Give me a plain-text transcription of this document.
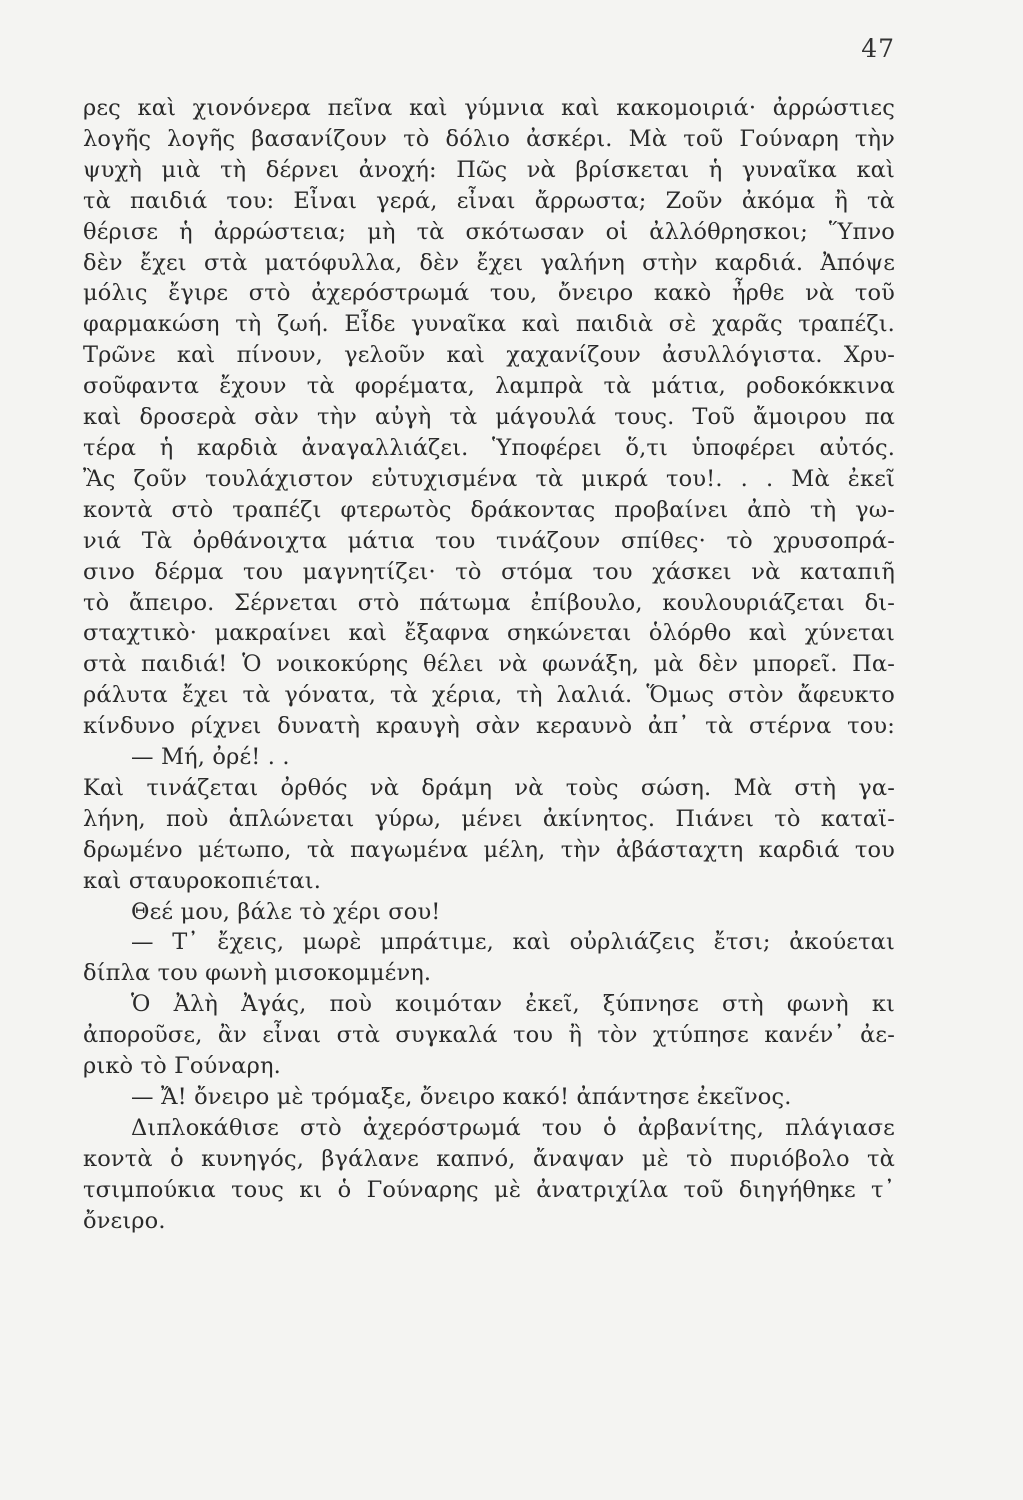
47
ρες καὶ χιονόνερα πεῖνα καὶ γύμνια καὶ κακομοιριά· ἀρρώστιες
λογῆς λογῆς βασανίζουν τὸ δόλιο ἀσκέρι. Μὰ τοῦ Γούναρη τὴν
ψυχὴ μιὰ τὴ δέρνει ἀνοχή: Πῶς νὰ βρίσκεται ἡ γυναῖκα καὶ
τὰ παιδιά του: Εἶναι γερά, εἶναι ἄρρωστα; Ζοῦν ἀκόμα ἢ τὰ
θέρισε ἡ ἀρρώστεια; μὴ τὰ σκότωσαν οἱ ἀλλόθρησκοι; Ὕπνο
δὲν ἔχει στὰ ματόφυλλα, δὲν ἔχει γαλήνη στὴν καρδιά. Ἀπόψε
μόλις ἔγιρε στὸ ἀχερόστρωμά του, ὄνειρο κακὸ ἦρθε νὰ τοῦ
φαρμακώση τὴ ζωή. Εἶδε γυναῖκα καὶ παιδιὰ σὲ χαρᾶς τραπέζι.
Τρῶνε καὶ πίνουν, γελοῦν καὶ χαχανίζουν ἀσυλλόγιστα. Χρυ-
σοῦφαντα ἔχουν τὰ φορέματα, λαμπρὰ τὰ μάτια, ροδοκόκκινα
καὶ δροσερὰ σὰν τὴν αὐγὴ τὰ μάγουλά τους. Τοῦ ἄμοιρου πα
τέρα ἡ καρδιὰ ἀναγαλλιάζει. Ὑποφέρει ὅ,τι ὑποφέρει αὐτός.
Ἂς ζοῦν τουλάχιστον εὐτυχισμένα τὰ μικρά του!. . . Μὰ ἐκεῖ
κοντὰ στὸ τραπέζι φτερωτὸς δράκοντας προβαίνει ἀπὸ τὴ γω-
νιά Τὰ ὀρθάνοιχτα μάτια του τινάζουν σπίθες· τὸ χρυσοπρά-
σινο δέρμα του μαγνητίζει· τὸ στόμα του χάσκει νὰ καταπιῆ
τὸ ἄπειρο. Σέρνεται στὸ πάτωμα ἐπίβουλο, κουλουριάζεται δι-
σταχτικὸ· μακραίνει καὶ ἔξαφνα σηκώνεται ὁλόρθο καὶ χύνεται
στὰ παιδιά! Ὁ νοικοκύρης θέλει νὰ φωνάξη, μὰ δὲν μπορεῖ. Πα-
ράλυτα ἔχει τὰ γόνατα, τὰ χέρια, τὴ λαλιά. Ὅμως στὸν ἄφευκτο
κίνδυνο ρίχνει δυνατὴ κραυγὴ σὰν κεραυνὸ ἀπ᾽ τὰ στέρνα του:
— Μή, ὀρέ! . .
Καὶ τινάζεται ὀρθός νὰ δράμη νὰ τοὺς σώση. Μὰ στὴ γα-
λήνη, ποὺ ἁπλώνεται γύρω, μένει ἀκίνητος. Πιάνει τὸ καταϊ-
δρωμένο μέτωπο, τὰ παγωμένα μέλη, τὴν ἀβάσταχτη καρδιά του
καὶ σταυροκοπιέται.
Θεέ μου, βάλε τὸ χέρι σου!
— Τ᾽ ἔχεις, μωρὲ μπράτιμε, καὶ οὐρλιάζεις ἔτσι; ἀκούεται
δίπλα του φωνὴ μισοκομμένη.
Ὁ Ἀλὴ Ἀγάς, ποὺ κοιμόταν ἐκεῖ, ξύπνησε στὴ φωνὴ κι
ἀποροῦσε, ἂν εἶναι στὰ συγκαλά του ἢ τὸν χτύπησε κανέν᾽ ἀε-
ρικὸ τὸ Γούναρη.
— Ἄ! ὄνειρο μὲ τρόμαξε, ὄνειρο κακό! ἀπάντησε ἐκεῖνος.
Διπλοκάθισε στὸ ἀχερόστρωμά του ὁ ἀρβανίτης, πλάγιασε
κοντὰ ὁ κυνηγός, βγάλανε καπνό, ἄναψαν μὲ τὸ πυριόβολο τὰ
τσιμπούκια τους κι ὁ Γούναρης μὲ ἀνατριχίλα τοῦ διηγήθηκε τ᾽
ὄνειρο.
